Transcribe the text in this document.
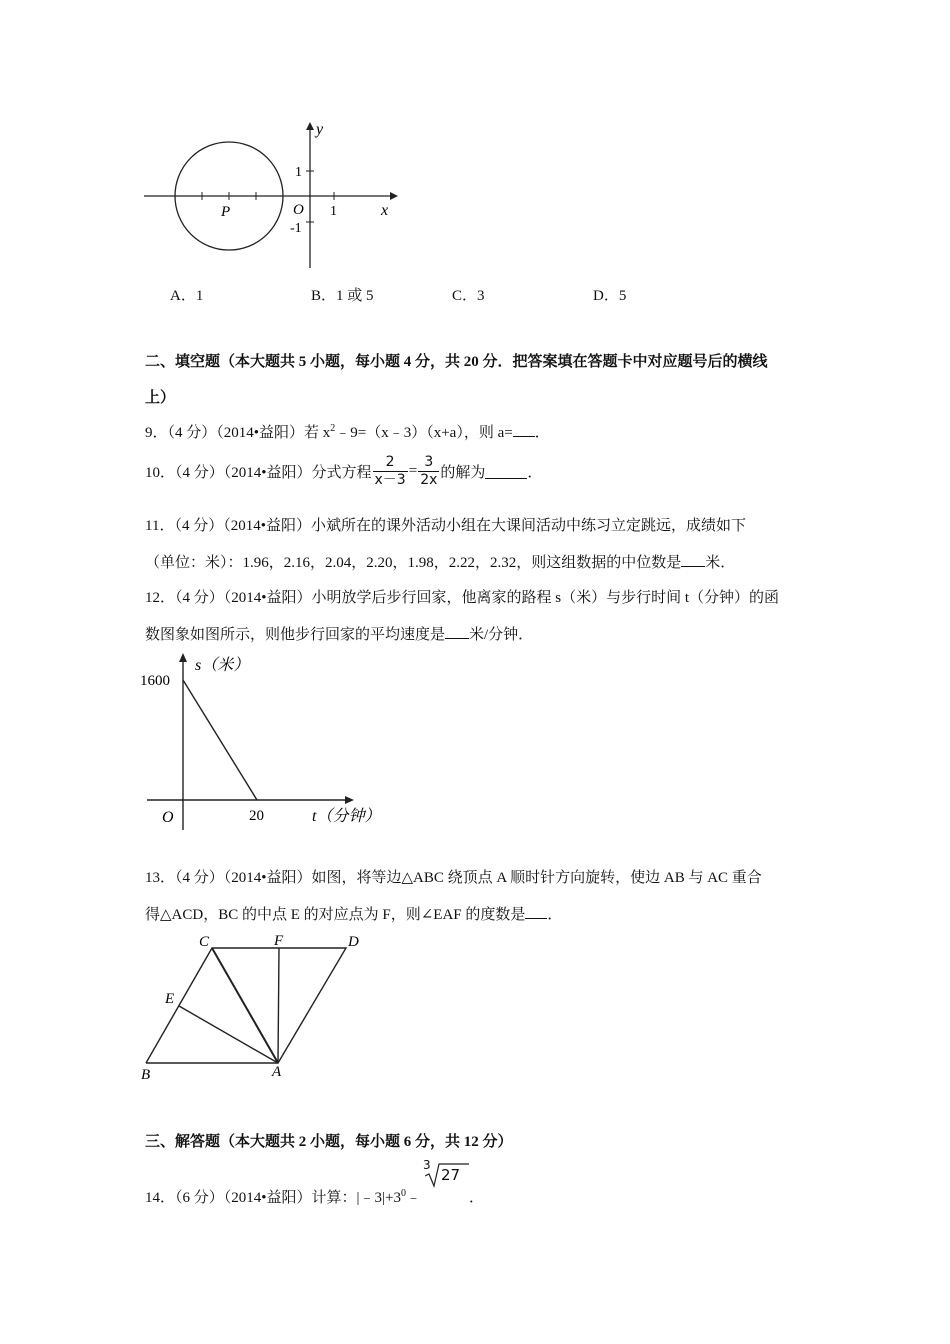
y
1
O 1	x
-1
P
A．1	B．1 或 5	C．3	D．5
二、填空题（本大题共 5 小题，每小题 4 分，共 20 分．把答案填在答题卡中对应题号后的横线
上）
9．（4 分）（2014•益阳）若 $x^2﹣9=(x﹣3)(x+a)$，则 a= ．
10．（4 分）（2014•益阳）分式方程 $\frac{2}{x-3} = \frac{3}{2x}$ 的解为	．
11．（4 分）（2014•益阳）小斌所在的课外活动小组在大课间活动中练习立定跳远，成绩如下
（单位：米）：1.96，2.16，2.04，2.20，1.98，2.22，2.32，则这组数据的中位数是 米．
12．（4 分）（2014•益阳）小明放学后步行回家，他离家的路程 s（米）与步行时间 t（分钟）的函
数图象如图所示，则他步行回家的平均速度是 米/分钟．
s（米）
1600
O	20	t（分钟）
13．（4 分）（2014•益阳）如图，将等边△ABC 绕顶点 A 顺时针方向旋转，使边 AB 与 AC 重合
得△ACD，BC 的中点 E 的对应点为 F，则∠EAF 的度数是 ．
C	F	D
E
B	A
三、解答题（本大题共 2 小题，每小题 6 分，共 12 分）
14．（6 分）（2014•益阳）计算：$|﹣3|+3^0﹣$
3
27
．
